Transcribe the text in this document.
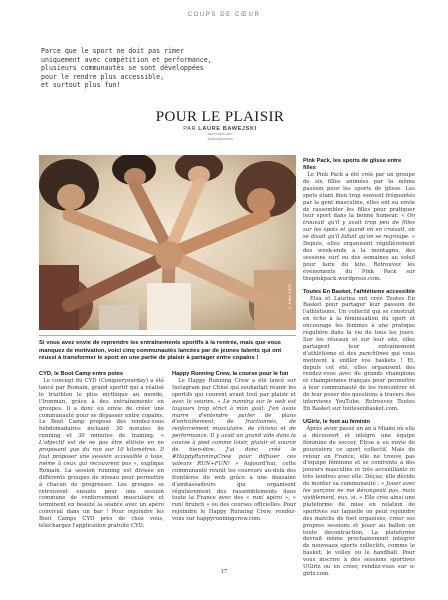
COUPS DE CŒUR
Parce que le sport ne doit pas rimer
uniquement avec compétition et performance,
plusieurs communautés se sont développées
pour le rendre plus accessible,
et surtout plus fun!
POUR LE PLAISIR
PAR LAURE BAWEJSKI
lauremaria.com
@laurejanmaria
© PINK PACK
Si vous avez envie de reprendre les entraînements sportifs à la rentrée, mais que vous manquez de motivation, voici cinq communautés lancées par de jeunes talents qui ont réussi à transformer le sport en une partie de plaisir à partager entre copains !

Pink Pack, les sports de glisse entre filles

Le Pink Pack a été créé par un groupe de six filles animées par la même passion pour les sports de glisse. Les spots étant bien trop souvent fréquentés par la gent masculine, elles ont eu envie de rassembler les filles pour pratiquer leur sport dans la bonne humeur. « On trouvait qu'il y avait trop peu de filles sur les spots et quand on en croisait, on se disait qu'il fallait qu'on se regroupe. » Depuis, elles organisent régulièrement des week-ends à la montagne, des sessions surf ou des semaines au soleil pour faire du kite. Retrouvez les événements du Pink Pack sur thepinkpack.wordpress.com.

Toutes En Basket, l'athlétisme accessible

Elsa et Laurina ont créé Toutes En Basket pour partager leur passion de l'athlétisme. Un collectif qui se construit en écho à la féminisation du sport et encourage les femmes à une pratique régulière dans la vie de tous les jours. Sur les réseaux et sur leur site, elles partagent leur entraînement d'athlétisme et des punchlines qui vous motivent à enfiler vos baskets ! Et, depuis cet été, elles organisent des rendez-vous avec de grands champions et championnes français pour permettre à leur communauté de les rencontrer et de leur poser des questions à travers des interviews YouTube. Retrouvez Toutes En Basket sur toutesenbasket.com.

UGirlz, le foot au féminin

Après avoir passé un an à Miami où elle a découvert et intégré une équipe féminine de soccer, Elyse a eu envie de poursuivre ce sport collectif. Mais de retour en France, elle ne trouve pas d'équipe féminine et se confronte à des joueurs masculins ni très accueillants ni très tendres avec elle. Déçue, elle décide de monter sa communauté : « Jouer avec les garçons ne me dérangeait pas, mais visiblement, eux, si. » Elle crée ainsi une plateforme de mise en relation de sportives sur laquelle on peut rejoindre des matchs de foot organisés, créer ses propres sessions et jouer au ballon en toute décontraction. La plateforme devrait même prochainement intégrer de nouveaux sports collectifs, comme le basket, le volley ou le handball. Pour vous inscrire à des sessions sportives UGirlz ou en créer, rendez-vous sur u-girlz.com.

CYD, le Boot Camp entre potes

Le concept du CYD (Conqueryourday) a été lancé par Romain, grand sportif qui a réalisé le triathlon le plus mythique au monde, l'Ironman, grâce à des entraînements en groupes. Il a donc eu envie de créer une communauté pour se dépasser entre copains. Le Boot Camp propose des rendez-vous hebdomadaires incluant 30 minutes de running et 30 minutes de training. « L'objectif est de ne pas être élitiste en ne proposant que du run sur 10 kilomètres. Il faut proposer une session accessible à tous, même à ceux qui recouvrent pas », explique Romain. La session running est divisée en différents groupes de niveau pour permettre à chacun de progresser. Les groupes se retrouvent ensuite pour une session commune de renforcement musculaire et terminent en beauté la séance avec un apéro convivial dans un bar ! Pour rejoindre les Boot Camps CYD près de chez vous, téléchargez l'application gratuite CYD.

Happy Running Crew, la course pour le fun

Le Happy Running Crew a été lancé sur Instagram par Chloé qui souhaitait réunir les sportifs qui courent avant tout par plaisir et avec le sourire. « Le running sur le web est toujours trop strict à mon goût. J'en avais marre d'entendre parler de plans d'entraînement, de fractionnés, de renforcement musculaire, de chrono et de performance. Il y avait un grand vide dans la course à pied comme loisir, plaisir et source de bien-être. J'ai donc créé le #HappyRunningCrew pour diffuser ces valeurs RUN+FUN! » Aujourd'hui, cette communauté réunit les coureurs au-delà des frontières du web grâce à une douzaine d'ambassadeurs qui organisent régulièrement des rassemblements dans toute la France avec des « run/ apéro », « run/ brunch » ou des courses officielles. Pour rejoindre le Happy Running Crew, rendez-vous sur happyrunningcrew.com.

17
